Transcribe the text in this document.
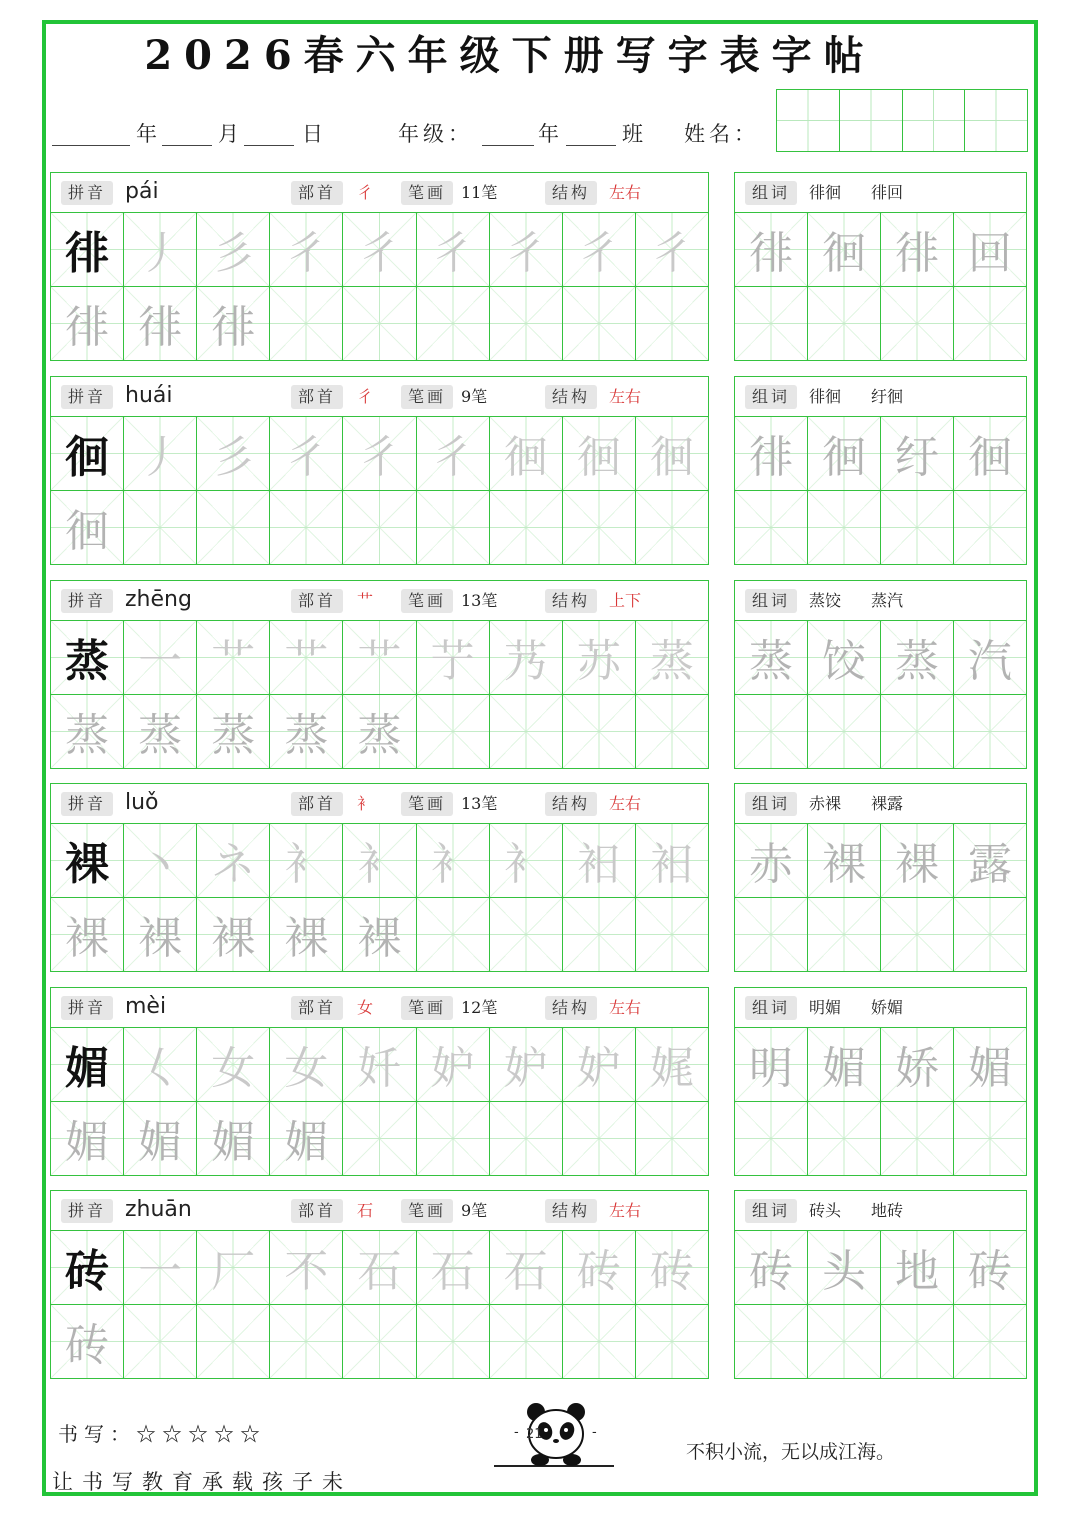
2026春六年级下册写字表字帖
年	月	日	年级：	年	班 姓名：
拼音 pái	部首	彳	笔画 11笔	结构	左右
徘 丿 彡 彳 彳 彳 彳 彳 彳
徘 徘 徘
组词	徘徊 徘回
徘 徊 徘 回
拼音 huái	部首	彳	笔画 9笔	结构	左右
徊 丿 彡 彳 彳 彳 徊 徊 徊
徊
组词	徘徊 纡徊
徘 徊 纡 徊
拼音 zhēng	部首	艹	笔画 13笔	结构	上下
蒸 一 艹 艹 艹 艼 艿 苏 蒸
蒸 蒸 蒸 蒸 蒸
组词	蒸饺 蒸汽
蒸 饺 蒸 汽
拼音 luǒ	部首	衤	笔画 13笔	结构	左右
裸 丶 ネ 衤 衤 衤 衤 衵 衵
裸 裸 裸 裸 裸
组词	赤裸 裸露
赤 裸 裸 露
拼音 mèi	部首	女	笔画 12笔	结构	左右
媚 𡿨 女 女 奷 妒 妒 妒 娓
媚 媚 媚 媚
组词	明媚 娇媚
明 媚 娇 媚
拼音 zhuān	部首	石	笔画 9笔	结构	左右
砖 一 厂 不 石 石 石 砖 砖
砖
组词	砖头 地砖
砖 头 地 砖
书写：☆☆☆☆☆
让书写教育承载孩子未
-	-
21
不积小流，无以成江海。
